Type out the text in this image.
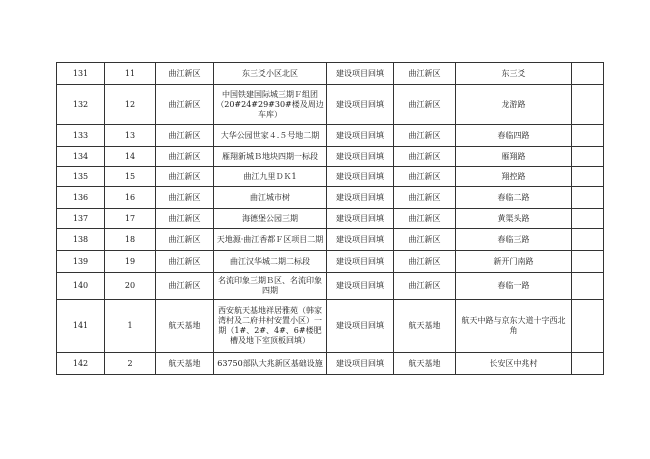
131	11	曲江新区	东三爻小区北区	建设项目回填	曲江新区	东三爻	
132	12	曲江新区	中国铁建国际城三期Ｆ组团（20#24#29#30#楼及周边车库）	建设项目回填	曲江新区	龙游路	
133	13	曲江新区	大华公园世家４.５号地二期	建设项目回填	曲江新区	春临四路	
134	14	曲江新区	雁翔新城Ｂ地块四期一标段	建设项目回填	曲江新区	雁翔路	
135	15	曲江新区	曲江九里ＤＫ1	建设项目回填	曲江新区	翔控路	
136	16	曲江新区	曲江城市树	建设项目回填	曲江新区	春临二路	
137	17	曲江新区	海德堡公园三期	建设项目回填	曲江新区	黄渠头路	
138	18	曲江新区	天地源·曲江香都Ｆ区项目二期	建设项目回填	曲江新区	春临三路	
139	19	曲江新区	曲江汉华城二期二标段	建设项目回填	曲江新区	新开门南路	
140	20	曲江新区	名流印象三期Ｂ区、名流印象四期	建设项目回填	曲江新区	春临一路	
141	1	航天基地	西安航天基地祥居雅苑（韩家湾村及二府井村安置小区）一期（1#、2#、4#、6#楼肥槽及地下室顶板回填）	建设项目回填	航天基地	航天中路与京东大道十字西北角	
142	2	航天基地	63750部队大兆新区基础设施	建设项目回填	航天基地	长安区中兆村	
